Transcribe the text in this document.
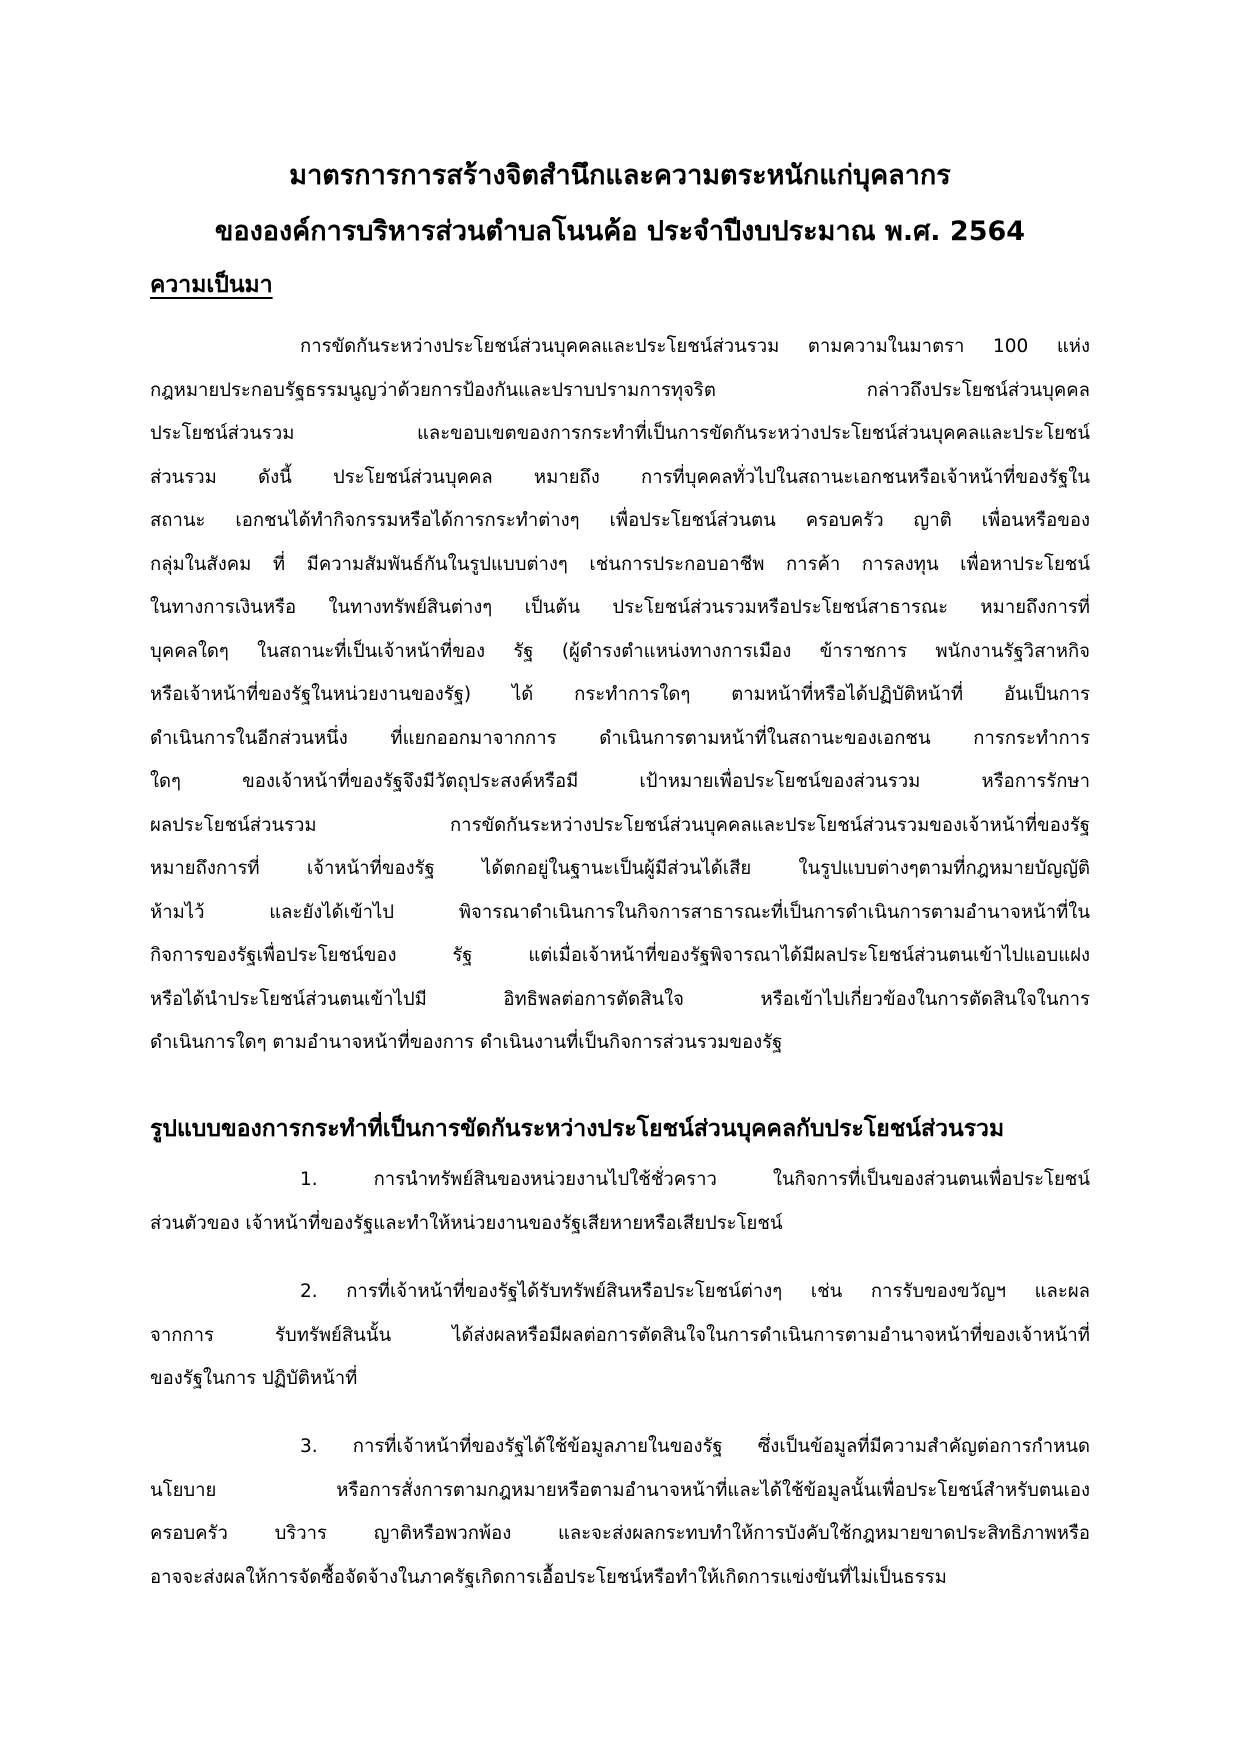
มาตรการการสร้างจิตสำนึกและความตระหนักแก่บุคลากร
ขององค์การบริหารส่วนตำบลโนนค้อ ประจำปีงบประมาณ พ.ศ. 2564
ความเป็นมา
การขัดกันระหว่างประโยชน์ส่วนบุคคลและประโยชน์ส่วนรวม ตามความในมาตรา 100 แห่ง
กฎหมายประกอบรัฐธรรมนูญว่าด้วยการป้องกันและปราบปรามการทุจริต กล่าวถึงประโยชน์ส่วนบุคคล
ประโยชน์ส่วนรวม และขอบเขตของการกระทำที่เป็นการขัดกันระหว่างประโยชน์ส่วนบุคคลและประโยชน์
ส่วนรวม ดังนี้ ประโยชน์ส่วนบุคคล หมายถึง การที่บุคคลทั่วไปในสถานะเอกชนหรือเจ้าหน้าที่ของรัฐใน
สถานะ เอกชนได้ทำกิจกรรมหรือได้การกระทำต่างๆ เพื่อประโยชน์ส่วนตน ครอบครัว ญาติ เพื่อนหรือของ
กลุ่มในสังคม ที่ มีความสัมพันธ์กันในรูปแบบต่างๆ เช่นการประกอบอาชีพ การค้า การลงทุน เพื่อหาประโยชน์
ในทางการเงินหรือ ในทางทรัพย์สินต่างๆ เป็นต้น ประโยชน์ส่วนรวมหรือประโยชน์สาธารณะ หมายถึงการที่
บุคคลใดๆ ในสถานะที่เป็นเจ้าหน้าที่ของ รัฐ (ผู้ดำรงตำแหน่งทางการเมือง ข้าราชการ พนักงานรัฐวิสาหกิจ
หรือเจ้าหน้าที่ของรัฐในหน่วยงานของรัฐ) ได้ กระทำการใดๆ ตามหน้าที่หรือได้ปฏิบัติหน้าที่ อันเป็นการ
ดำเนินการในอีกส่วนหนึ่ง ที่แยกออกมาจากการ ดำเนินการตามหน้าที่ในสถานะของเอกชน การกระทำการ
ใดๆ ของเจ้าหน้าที่ของรัฐจึงมีวัตถุประสงค์หรือมี เป้าหมายเพื่อประโยชน์ของส่วนรวม หรือการรักษา
ผลประโยชน์ส่วนรวม การขัดกันระหว่างประโยชน์ส่วนบุคคลและประโยชน์ส่วนรวมของเจ้าหน้าที่ของรัฐ
หมายถึงการที่ เจ้าหน้าที่ของรัฐ ได้ตกอยู่ในฐานะเป็นผู้มีส่วนได้เสีย ในรูปแบบต่างๆตามที่กฎหมายบัญญัติ
ห้ามไว้ และยังได้เข้าไป พิจารณาดำเนินการในกิจการสาธารณะที่เป็นการดำเนินการตามอำนาจหน้าที่ใน
กิจการของรัฐเพื่อประโยชน์ของ รัฐ แต่เมื่อเจ้าหน้าที่ของรัฐพิจารณาได้มีผลประโยชน์ส่วนตนเข้าไปแอบแฝง
หรือได้นำประโยชน์ส่วนตนเข้าไปมี อิทธิพลต่อการตัดสินใจ หรือเข้าไปเกี่ยวข้องในการตัดสินใจในการ
ดำเนินการใดๆ ตามอำนาจหน้าที่ของการ ดำเนินงานที่เป็นกิจการส่วนรวมของรัฐ
รูปแบบของการกระทำที่เป็นการขัดกันระหว่างประโยชน์ส่วนบุคคลกับประโยชน์ส่วนรวม
1. การนำทรัพย์สินของหน่วยงานไปใช้ชั่วคราว ในกิจการที่เป็นของส่วนตนเพื่อประโยชน์
ส่วนตัวของ เจ้าหน้าที่ของรัฐและทำให้หน่วยงานของรัฐเสียหายหรือเสียประโยชน์
2. การที่เจ้าหน้าที่ของรัฐได้รับทรัพย์สินหรือประโยชน์ต่างๆ เช่น การรับของขวัญฯ และผล
จากการ รับทรัพย์สินนั้น ได้ส่งผลหรือมีผลต่อการตัดสินใจในการดำเนินการตามอำนาจหน้าที่ของเจ้าหน้าที่
ของรัฐในการ ปฏิบัติหน้าที่
3. การที่เจ้าหน้าที่ของรัฐได้ใช้ข้อมูลภายในของรัฐ ซึ่งเป็นข้อมูลที่มีความสำคัญต่อการกำหนด
นโยบาย หรือการสั่งการตามกฎหมายหรือตามอำนาจหน้าที่และได้ใช้ข้อมูลนั้นเพื่อประโยชน์สำหรับตนเอง
ครอบครัว บริวาร ญาติหรือพวกพ้อง และจะส่งผลกระทบทำให้การบังคับใช้กฎหมายขาดประสิทธิภาพหรือ
อาจจะส่งผลให้การจัดซื้อจัดจ้างในภาครัฐเกิดการเอื้อประโยชน์หรือทำให้เกิดการแข่งขันที่ไม่เป็นธรรม
